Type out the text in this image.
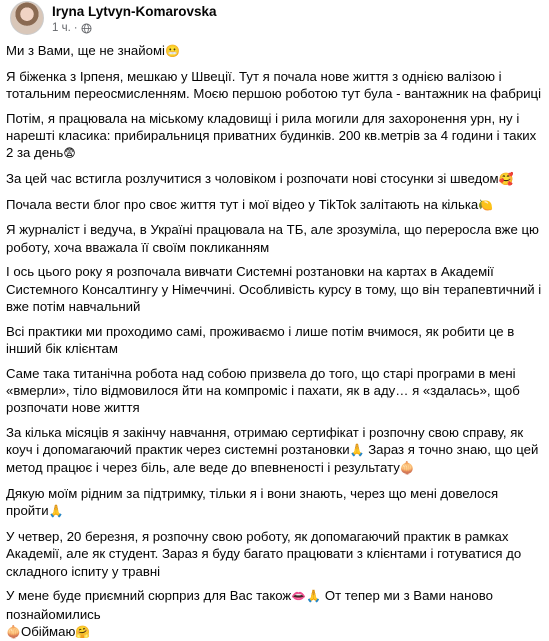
Iryna Lytvyn-Komarovska
1 ч. ·

Ми з Вами, ще не знайомі😬

Я біженка з Ірпеня, мешкаю у Швеції. Тут я почала нове життя з однією валізою і тотальним переосмисленням. Моєю першою роботою тут була - вантажник на фабриці

Потім, я працювала на міському кладовищі і рила могили для захоронення урн, ну і нарешті класика: прибиральниця приватних будинків. 200 кв.метрів за 4 години і таких 2 за день😨

За цей час встигла розлучитися з чоловіком і розпочати нові стосунки зі шведом🥰

Почала вести блог про своє життя тут і мої відео у TikTok залітають на кілька🍋

Я журналіст і ведуча, в Україні працювала на ТБ, але зрозуміла, що переросла вже цю роботу, хоча вважала її своїм покликанням

І ось цього року я розпочала вивчати Системні розтановки на картах в Академії Системного Консалтингу у Німеччині. Особливість курсу в тому, що він терапевтичний і вже потім навчальний

Всі практики ми проходимо самі, проживаємо і лише потім вчимося, як робити це в інший бік клієнтам

Саме така титанічна робота над собою призвела до того, що старі програми в мені «вмерли», тіло відмовилося йти на компроміс і пахати, як в аду… я «здалась», щоб розпочати нове життя

За кілька місяців я закінчу навчання, отримаю сертифікат і розпочну свою справу, як коуч і допомагаючий практик через системні розтановки🙏 Зараз я точно знаю, що цей метод працює і через біль, але веде до впевненості і результату🧅

Дякую моїм рідним за підтримку, тільки я і вони знають, через що мені довелося пройти🙏

У четвер, 20 березня, я розпочну свою роботу, як допомагаючий практик в рамках Академії, але як студент. Зараз я буду багато працювати з клієнтами і готуватися до складного іспиту у травні

У мене буде приємний сюрприз для Вас також👄🙏 От тепер ми з Вами наново познайомились
🧅Обіймаю🤗
